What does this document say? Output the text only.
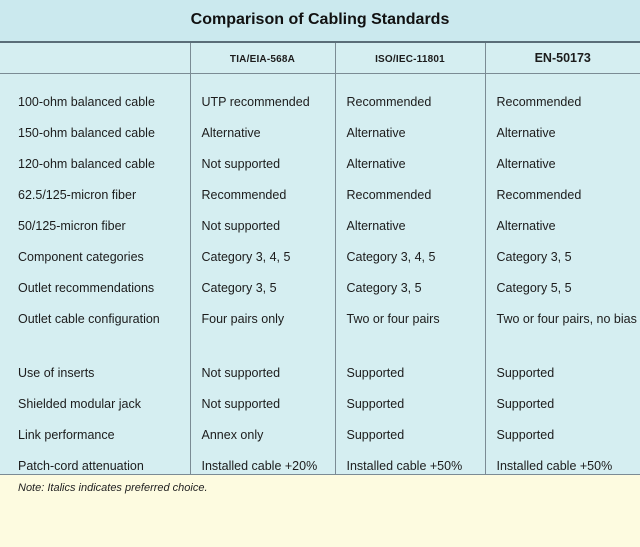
Comparison of Cabling Standards
	TIA/EIA-568A	ISO/IEC-11801	EN-50173

100-ohm balanced cable	UTP recommended	Recommended	Recommended
150-ohm balanced cable	Alternative	Alternative	Alternative
120-ohm balanced cable	Not supported	Alternative	Alternative
62.5/125-micron fiber	Recommended	Recommended	Recommended
50/125-micron fiber	Not supported	Alternative	Alternative
Component categories	Category 3, 4, 5	Category 3, 4, 5	Category 3, 5
Outlet recommendations	Category 3, 5	Category 3, 5	Category 5, 5
Outlet cable configuration	Four pairs only	Two or four pairs	Two or four pairs, no bias
Use of inserts	Not supported	Supported	Supported
Shielded modular jack	Not supported	Supported	Supported
Link performance	Annex only	Supported	Supported
Patch-cord attenuation	Installed cable +20%	Installed cable +50%	Installed cable +50%
Note: Italics indicates preferred choice.
